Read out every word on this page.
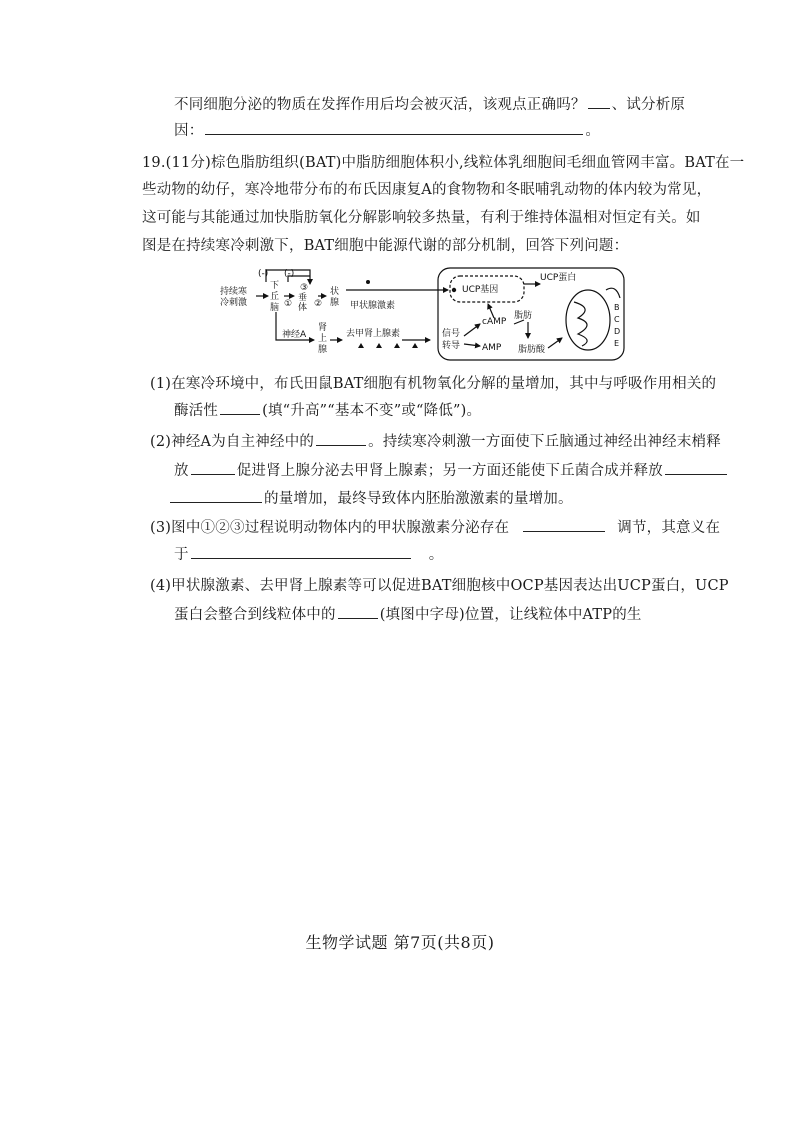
不同细胞分泌的物质在发挥作用后均会被灭活，该观点正确吗？ 、试分析原
因：	。
19.(11分)棕色脂肪组织(BAT)中脂肪细胞体积小,线粒体乳细胞间毛细血管网丰富。BAT在一
些动物的幼仔，寒冷地带分布的布氏因康复A的食物物和冬眠哺乳动物的体内较为常见，
这可能与其能通过加快脂肪氧化分解影响较多热量，有利于维持体温相对恒定有关。如
图是在持续寒冷刺激下，BAT细胞中能源代谢的部分机制，回答下列问题：
(-) (-)
持续寒
冷刺激
下
丘
脑 ①
③
②
垂
体
状
腺 甲状腺激素
神经A
肾
上
腺
去甲肾上腺素	信号
转导
UCP基因
UCP蛋白
cAMP
AMP
脂肪
脂肪酸
B
C
D
E
(1)在寒冷环境中，布氏田鼠BAT细胞有机物氧化分解的量增加，其中与呼吸作用相关的
酶活性	(填“升高”“基本不变”或“降低”)。
(2)神经A为自主神经中的	。持续寒冷刺激一方面使下丘脑通过神经出神经末梢释
放	促进肾上腺分泌去甲肾上腺素；另一方面还能使下丘菌合成并释放
的量增加，最终导致体内胚胎激激素的量增加。
(3)图中①②③过程说明动物体内的甲状腺激素分泌存在	调节，其意义在
于	。
(4)甲状腺激素、去甲肾上腺素等可以促进BAT细胞核中OCP基因表达出UCP蛋白，UCP
蛋白会整合到线粒体中的	(填图中字母)位置，让线粒体中ATP的生
生物学试题 第7页(共8页)
